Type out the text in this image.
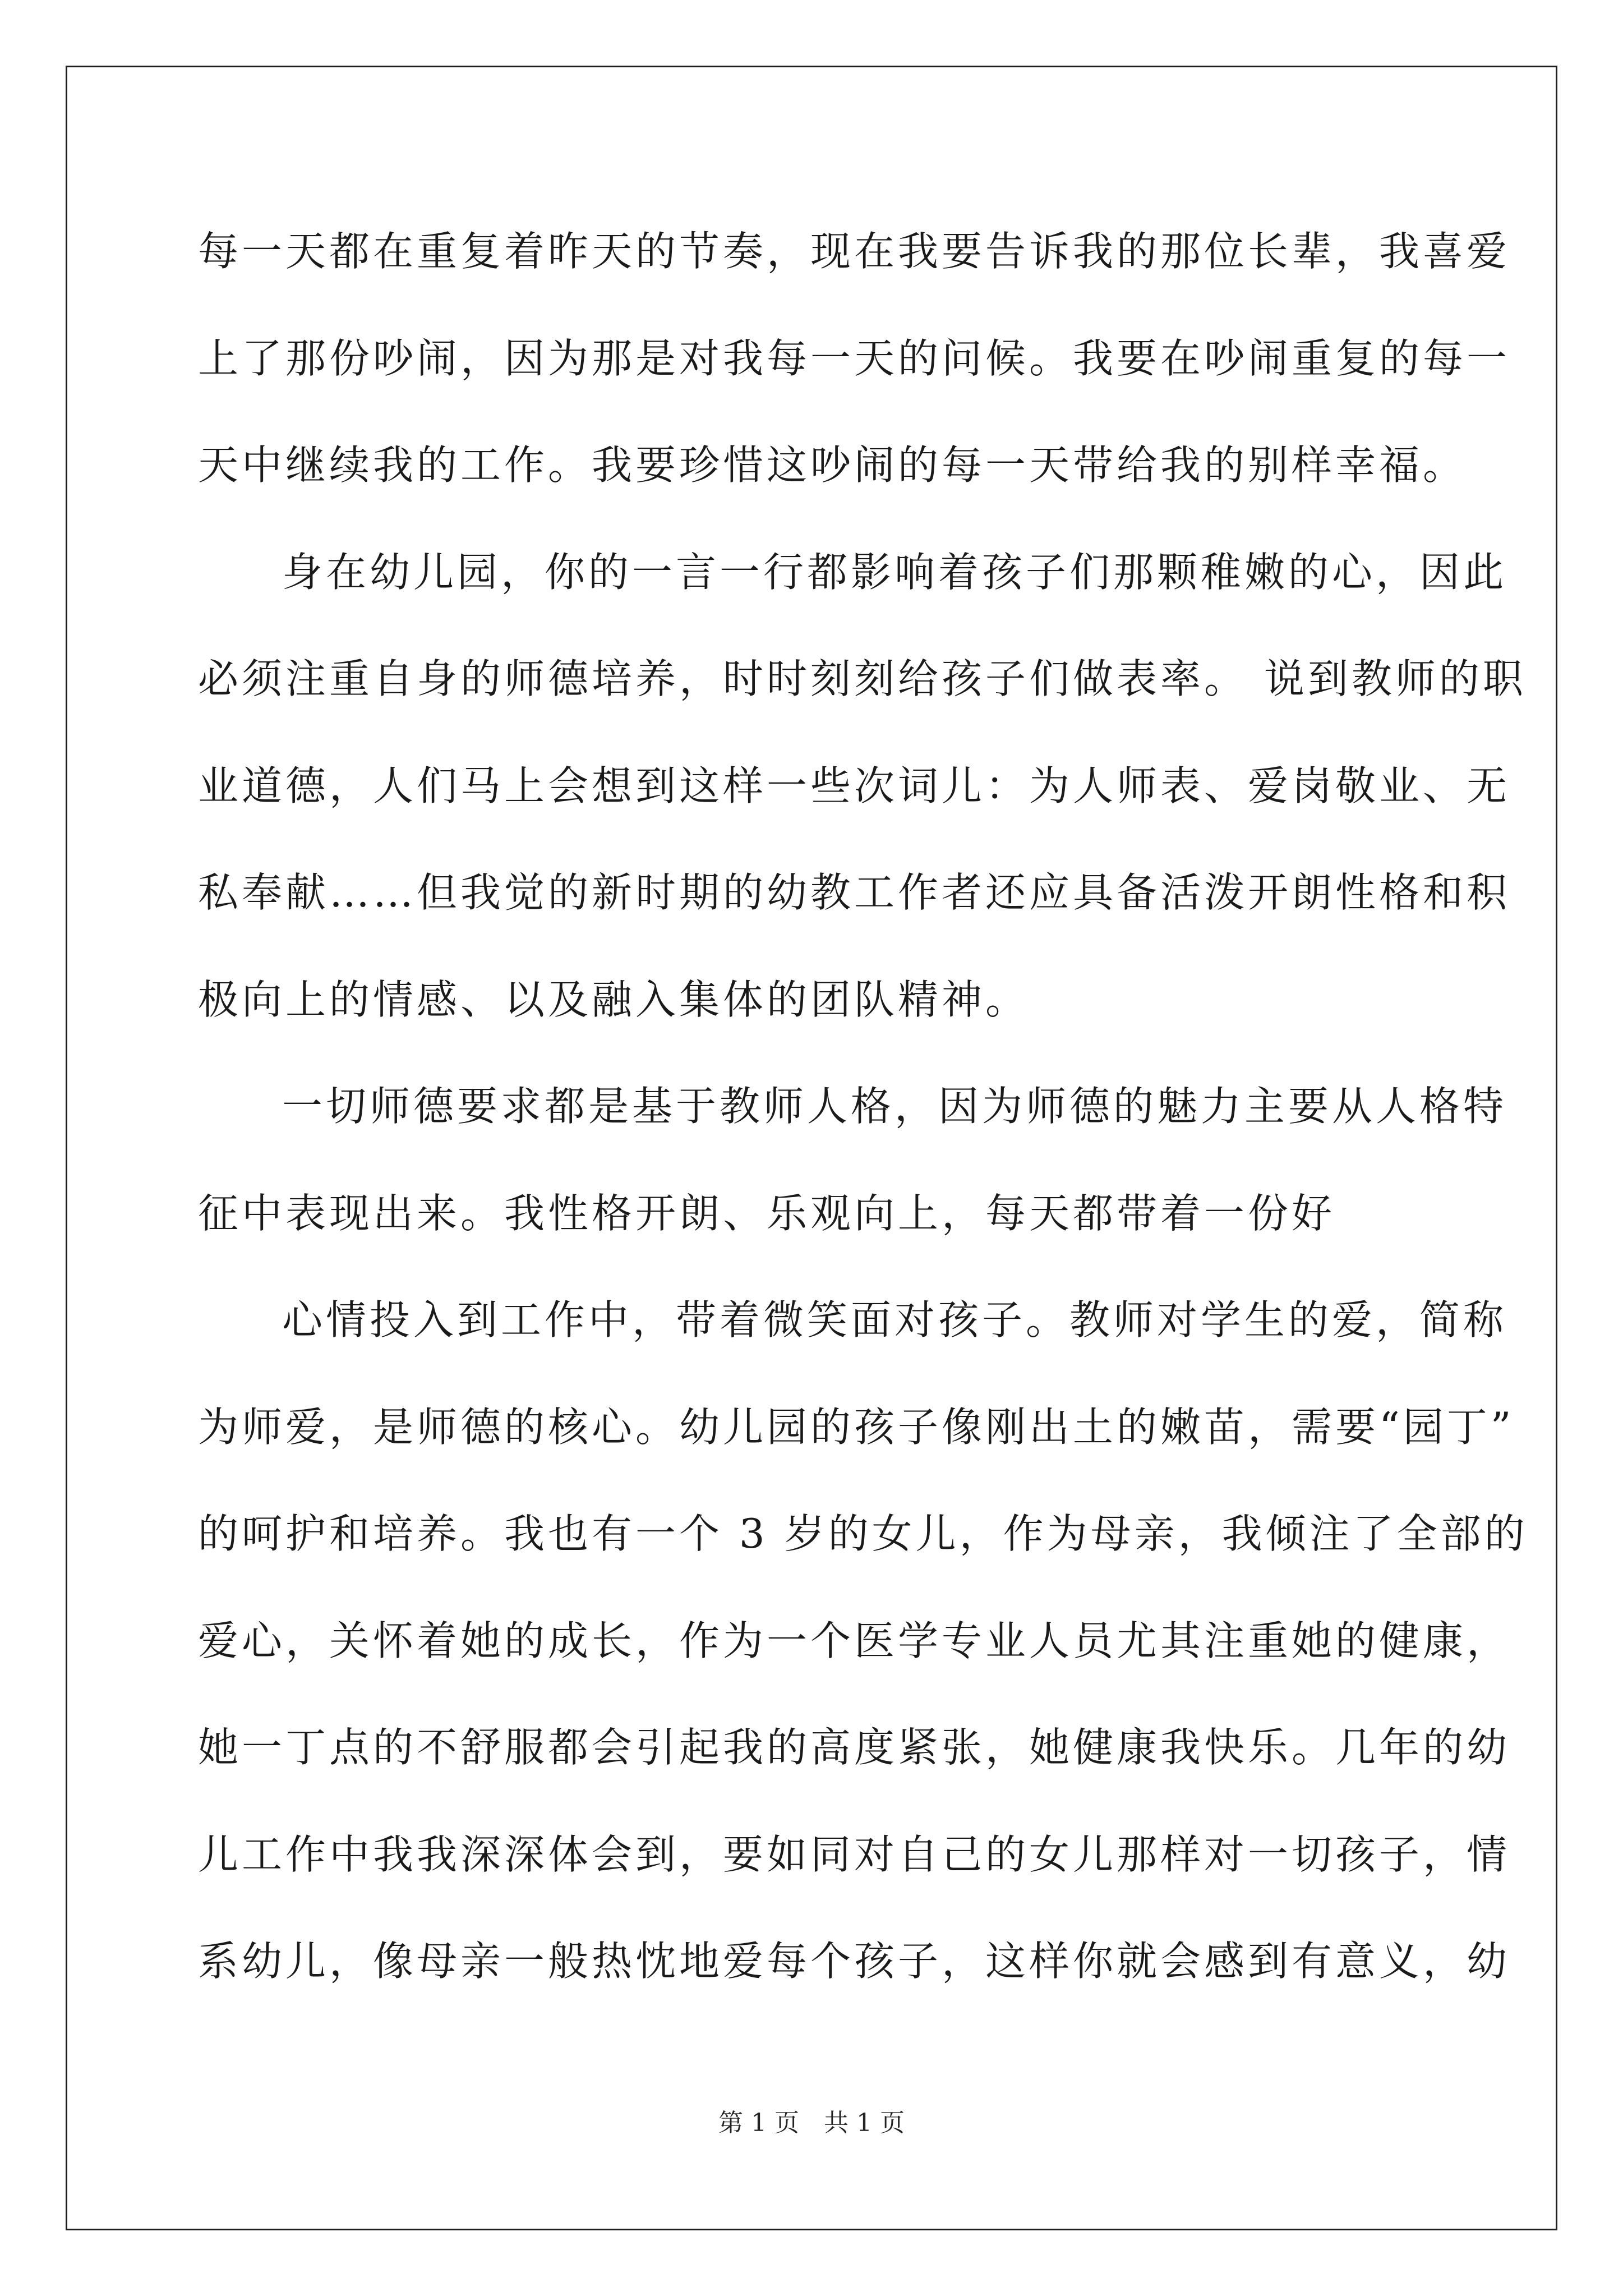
每一天都在重复着昨天的节奏，现在我要告诉我的那位长辈，我喜爱
上了那份吵闹，因为那是对我每一天的问候。我要在吵闹重复的每一
天中继续我的工作。我要珍惜这吵闹的每一天带给我的别样幸福。
身在幼儿园，你的一言一行都影响着孩子们那颗稚嫩的心，因此
必须注重自身的师德培养，时时刻刻给孩子们做表率。 说到教师的职
业道德，人们马上会想到这样一些次词儿：为人师表、爱岗敬业、无
私奉献……但我觉的新时期的幼教工作者还应具备活泼开朗性格和积
极向上的情感、以及融入集体的团队精神。
一切师德要求都是基于教师人格，因为师德的魅力主要从人格特
征中表现出来。我性格开朗、乐观向上，每天都带着一份好
心情投入到工作中，带着微笑面对孩子。教师对学生的爱，简称
为师爱，是师德的核心。幼儿园的孩子像刚出土的嫩苗，需要“园丁”
的呵护和培养。我也有一个 3 岁的女儿，作为母亲，我倾注了全部的
爱心，关怀着她的成长，作为一个医学专业人员尤其注重她的健康，
她一丁点的不舒服都会引起我的高度紧张，她健康我快乐。几年的幼
儿工作中我我深深体会到，要如同对自己的女儿那样对一切孩子，情
系幼儿，像母亲一般热忱地爱每个孩子，这样你就会感到有意义，幼
第 1 页　共 1 页
